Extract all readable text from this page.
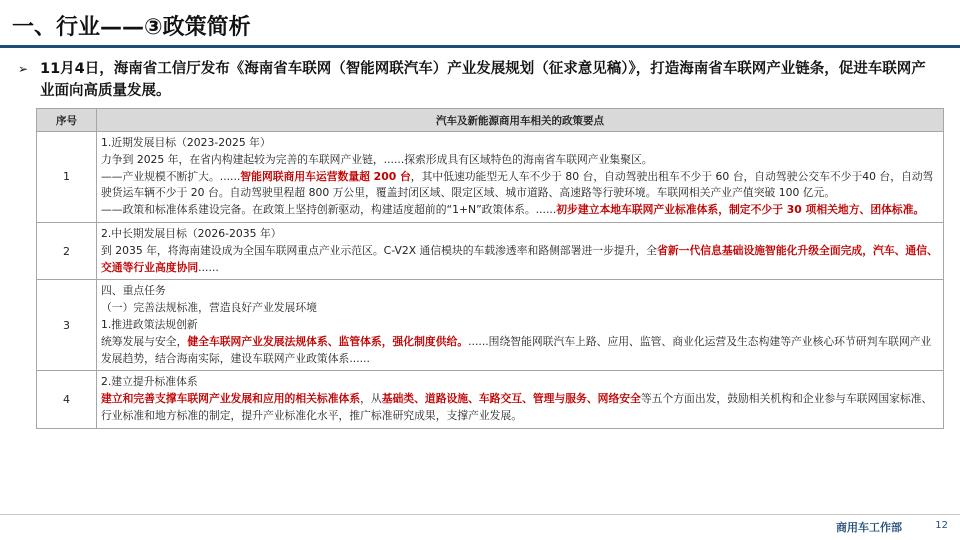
一、行业——③政策简析
➢ 11月4日，海南省工信厅发布《海南省车联网（智能网联汽车）产业发展规划（征求意见稿）》，打造海南省车联网产业链条，促进车联网产业面向高质量发展。
序号	汽车及新能源商用车相关的政策要点
1	1.近期发展目标（2023-2025 年）
力争到 2025 年，在省内构建起较为完善的车联网产业链，......探索形成具有区域特色的海南省车联网产业集聚区。
——产业规模不断扩大。......智能网联商用车运营数量超 200 台，其中低速功能型无人车不少于 80 台，自动驾驶出租车不少于 60 台，自动驾驶公交车不少于40 台，自动驾驶货运车辆不少于 20 台。自动驾驶里程超 800 万公里，覆盖封闭区域、限定区域、城市道路、高速路等行驶环境。车联网相关产业产值突破 100 亿元。
——政策和标准体系建设完备。在政策上坚持创新驱动，构建适度超前的“1+N”政策体系。......初步建立本地车联网产业标准体系，制定不少于 30 项相关地方、团体标准。

2	2.中长期发展目标（2026-2035 年）
到 2035 年，将海南建设成为全国车联网重点产业示范区。C-V2X 通信模块的车载渗透率和路侧部署进一步提升，全省新一代信息基础设施智能化升级全面完成，汽车、通信、交通等行业高度协同......

3	四、重点任务
（一）完善法规标准，营造良好产业发展环境
1.推进政策法规创新
统筹发展与安全，健全车联网产业发展法规体系、监管体系，强化制度供给。......围绕智能网联汽车上路、应用、监管、商业化运营及生态构建等产业核心环节研判车联网产业发展趋势，结合海南实际，建设车联网产业政策体系......

4	2.建立提升标准体系
建立和完善支撑车联网产业发展和应用的相关标准体系，从基础类、道路设施、车路交互、管理与服务、网络安全等五个方面出发，鼓励相关机构和企业参与车联网国家标准、行业标准和地方标准的制定，提升产业标准化水平，推广标准研究成果，支撑产业发展。
商用车工作部	12
